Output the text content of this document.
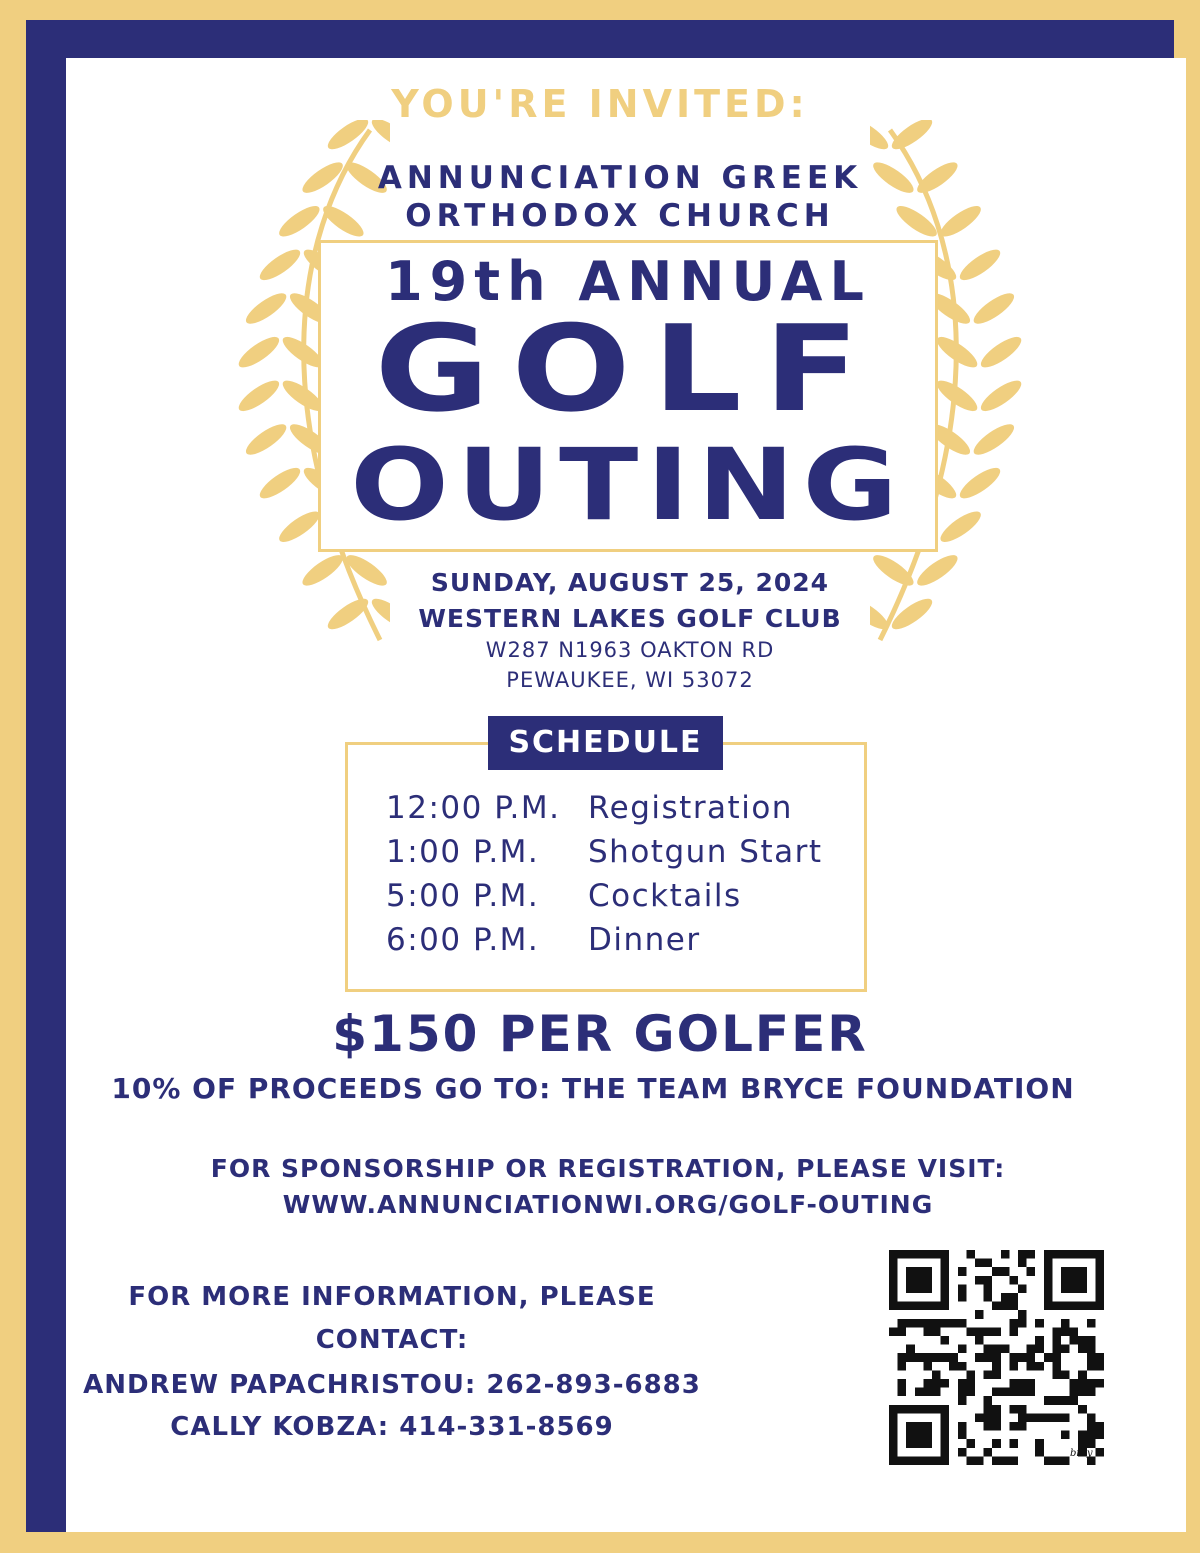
YOU'RE INVITED:
ANNUNCIATION GREEK
ORTHODOX CHURCH
19th ANNUAL
GOLF
OUTING
SUNDAY, AUGUST 25, 2024
WESTERN LAKES GOLF CLUB
W287 N1963 OAKTON RD
PEWAUKEE, WI 53072
SCHEDULE
12:00 P.M. Registration
1:00 P.M. Shotgun Start
5:00 P.M. Cocktails
6:00 P.M. Dinner
$150 PER GOLFER
10% OF PROCEEDS GO TO: THE TEAM BRYCE FOUNDATION
FOR SPONSORSHIP OR REGISTRATION, PLEASE VISIT:
WWW.ANNUNCIATIONWI.ORG/GOLF-OUTING
FOR MORE INFORMATION, PLEASE
CONTACT:
ANDREW PAPACHRISTOU: 262-893-6883
CALLY KOBZA: 414-331-8569
bitly
